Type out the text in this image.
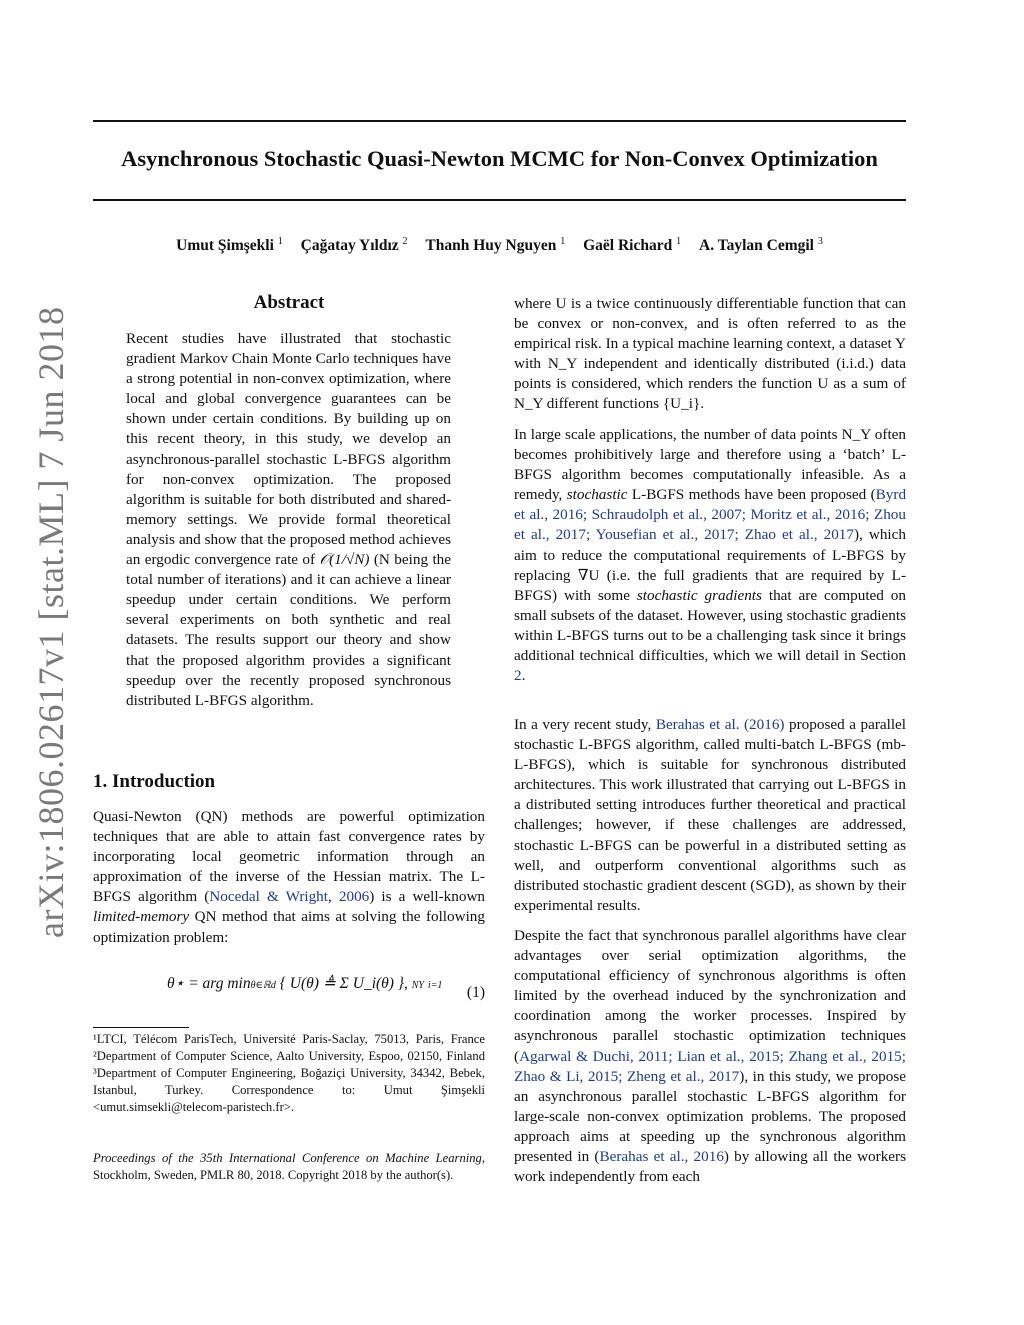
arXiv:1806.02617v1 [stat.ML] 7 Jun 2018
Asynchronous Stochastic Quasi-Newton MCMC for Non-Convex Optimization
Umut Şimşekli $^1$ Çağatay Yıldız $^2$ Thanh Huy Nguyen $^1$ Gaël Richard $^1$ A. Taylan Cemgil $^3$
Abstract
Recent studies have illustrated that stochastic gradient Markov Chain Monte Carlo techniques have a strong potential in non-convex optimization, where local and global convergence guarantees can be shown under certain conditions. By building up on this recent theory, in this study, we develop an asynchronous-parallel stochastic L-BFGS algorithm for non-convex optimization. The proposed algorithm is suitable for both distributed and shared-memory settings. We provide formal theoretical analysis and show that the proposed method achieves an ergodic convergence rate of 𝒪(1/√N) (N being the total number of iterations) and it can achieve a linear speedup under certain conditions. We perform several experiments on both synthetic and real datasets. The results support our theory and show that the proposed algorithm provides a significant speedup over the recently proposed synchronous distributed L-BFGS algorithm.
1. Introduction

Quasi-Newton (QN) methods are powerful optimization techniques that are able to attain fast convergence rates by incorporating local geometric information through an approximation of the inverse of the Hessian matrix. The L-BFGS algorithm (Nocedal & Wright, 2006) is a well-known limited-memory QN method that aims at solving the following optimization problem:

θ⋆ = arg minθ∈ℝd { U(θ) ≜ Σ U_i(θ) }, NY i=1 (1)
¹LTCI, Télécom ParisTech, Université Paris-Saclay, 75013, Paris, France ²Department of Computer Science, Aalto University, Espoo, 02150, Finland ³Department of Computer Engineering, Boğaziçi University, 34342, Bebek, Istanbul, Turkey. Correspondence to: Umut Şimşekli <umut.simsekli@telecom-paristech.fr>.
Proceedings of the 35th International Conference on Machine Learning, Stockholm, Sweden, PMLR 80, 2018. Copyright 2018 by the author(s).

where U is a twice continuously differentiable function that can be convex or non-convex, and is often referred to as the empirical risk. In a typical machine learning context, a dataset Y with N_Y independent and identically distributed (i.i.d.) data points is considered, which renders the function U as a sum of N_Y different functions {U_i}.

In large scale applications, the number of data points N_Y often becomes prohibitively large and therefore using a ‘batch’ L-BFGS algorithm becomes computationally infeasible. As a remedy, stochastic L-BGFS methods have been proposed (Byrd et al., 2016; Schraudolph et al., 2007; Moritz et al., 2016; Zhou et al., 2017; Yousefian et al., 2017; Zhao et al., 2017), which aim to reduce the computational requirements of L-BFGS by replacing ∇U (i.e. the full gradients that are required by L-BFGS) with some stochastic gradients that are computed on small subsets of the dataset. However, using stochastic gradients within L-BFGS turns out to be a challenging task since it brings additional technical difficulties, which we will detail in Section 2.

In a very recent study, Berahas et al. (2016) proposed a parallel stochastic L-BFGS algorithm, called multi-batch L-BFGS (mb-L-BFGS), which is suitable for synchronous distributed architectures. This work illustrated that carrying out L-BFGS in a distributed setting introduces further theoretical and practical challenges; however, if these challenges are addressed, stochastic L-BFGS can be powerful in a distributed setting as well, and outperform conventional algorithms such as distributed stochastic gradient descent (SGD), as shown by their experimental results.

Despite the fact that synchronous parallel algorithms have clear advantages over serial optimization algorithms, the computational efficiency of synchronous algorithms is often limited by the overhead induced by the synchronization and coordination among the worker processes. Inspired by asynchronous parallel stochastic optimization techniques (Agarwal & Duchi, 2011; Lian et al., 2015; Zhang et al., 2015; Zhao & Li, 2015; Zheng et al., 2017), in this study, we propose an asynchronous parallel stochastic L-BFGS algorithm for large-scale non-convex optimization problems. The proposed approach aims at speeding up the synchronous algorithm presented in (Berahas et al., 2016) by allowing all the workers work independently from each
